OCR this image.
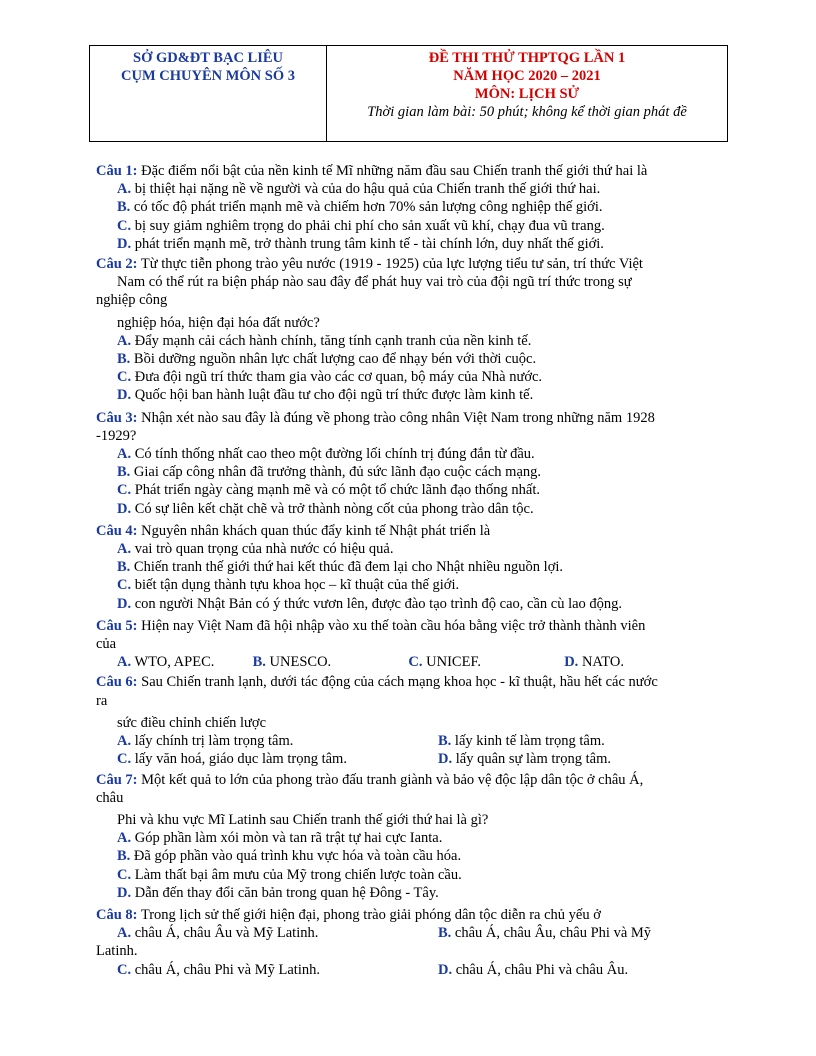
SỞ GD&ĐT BẠC LIÊU
CỤM CHUYÊN MÔN SỐ 3
ĐỀ THI THỬ THPTQG LẦN 1
NĂM HỌC 2020 – 2021
MÔN: LỊCH SỬ
Thời gian làm bài: 50 phút; không kể thời gian phát đề
Câu 1: Đặc điểm nổi bật của nền kinh tế Mĩ những năm đầu sau Chiến tranh thế giới thứ hai là
A. bị thiệt hại nặng nề về người và của do hậu quả của Chiến tranh thế giới thứ hai.
B. có tốc độ phát triển mạnh mẽ và chiếm hơn 70% sản lượng công nghiệp thế giới.
C. bị suy giảm nghiêm trọng do phải chi phí cho sản xuất vũ khí, chạy đua vũ trang.
D. phát triển mạnh mẽ, trở thành trung tâm kinh tế - tài chính lớn, duy nhất thế giới.
Câu 2: Từ thực tiễn phong trào yêu nước (1919 - 1925) của lực lượng tiểu tư sản, trí thức Việt
Nam có thể rút ra biện pháp nào sau đây để phát huy vai trò của đội ngũ trí thức trong sự
nghiệp công
nghiệp hóa, hiện đại hóa đất nước?
A. Đẩy mạnh cải cách hành chính, tăng tính cạnh tranh của nền kinh tế.
B. Bồi dưỡng nguồn nhân lực chất lượng cao để nhạy bén với thời cuộc.
C. Đưa đội ngũ trí thức tham gia vào các cơ quan, bộ máy của Nhà nước.
D. Quốc hội ban hành luật đầu tư cho đội ngũ trí thức được làm kinh tế.
Câu 3: Nhận xét nào sau đây là đúng về phong trào công nhân Việt Nam trong những năm 1928
-1929?
A. Có tính thống nhất cao theo một đường lối chính trị đúng đắn từ đầu.
B. Giai cấp công nhân đã trưởng thành, đủ sức lãnh đạo cuộc cách mạng.
C. Phát triển ngày càng mạnh mẽ và có một tổ chức lãnh đạo thống nhất.
D. Có sự liên kết chặt chẽ và trở thành nòng cốt của phong trào dân tộc.
Câu 4: Nguyên nhân khách quan thúc đẩy kinh tế Nhật phát triển là
A. vai trò quan trọng của nhà nước có hiệu quả.
B. Chiến tranh thế giới thứ hai kết thúc đã đem lại cho Nhật nhiều nguồn lợi.
C. biết tận dụng thành tựu khoa học – kĩ thuật của thế giới.
D. con người Nhật Bản có ý thức vươn lên, được đào tạo trình độ cao, cần cù lao động.
Câu 5: Hiện nay Việt Nam đã hội nhập vào xu thế toàn cầu hóa bằng việc trở thành thành viên
của
A. WTO, APEC.	B. UNESCO.	C. UNICEF.	D. NATO.
Câu 6: Sau Chiến tranh lạnh, dưới tác động của cách mạng khoa học - kĩ thuật, hầu hết các nước
ra
sức điều chỉnh chiến lược
A. lấy chính trị làm trọng tâm.	B. lấy kinh tế làm trọng tâm.
C. lấy văn hoá, giáo dục làm trọng tâm.	D. lấy quân sự làm trọng tâm.
Câu 7: Một kết quả to lớn của phong trào đấu tranh giành và bảo vệ độc lập dân tộc ở châu Á,
châu
Phi và khu vực Mĩ Latinh sau Chiến tranh thế giới thứ hai là gì?
A. Góp phần làm xói mòn và tan rã trật tự hai cực Ianta.
B. Đã góp phần vào quá trình khu vực hóa và toàn cầu hóa.
C. Làm thất bại âm mưu của Mỹ trong chiến lược toàn cầu.
D. Dẫn đến thay đổi căn bản trong quan hệ Đông - Tây.
Câu 8: Trong lịch sử thế giới hiện đại, phong trào giải phóng dân tộc diễn ra chủ yếu ở
A. châu Á, châu Âu và Mỹ Latinh.	B. châu Á, châu Âu, châu Phi và Mỹ
Latinh.
C. châu Á, châu Phi và Mỹ Latinh.	D. châu Á, châu Phi và châu Âu.
